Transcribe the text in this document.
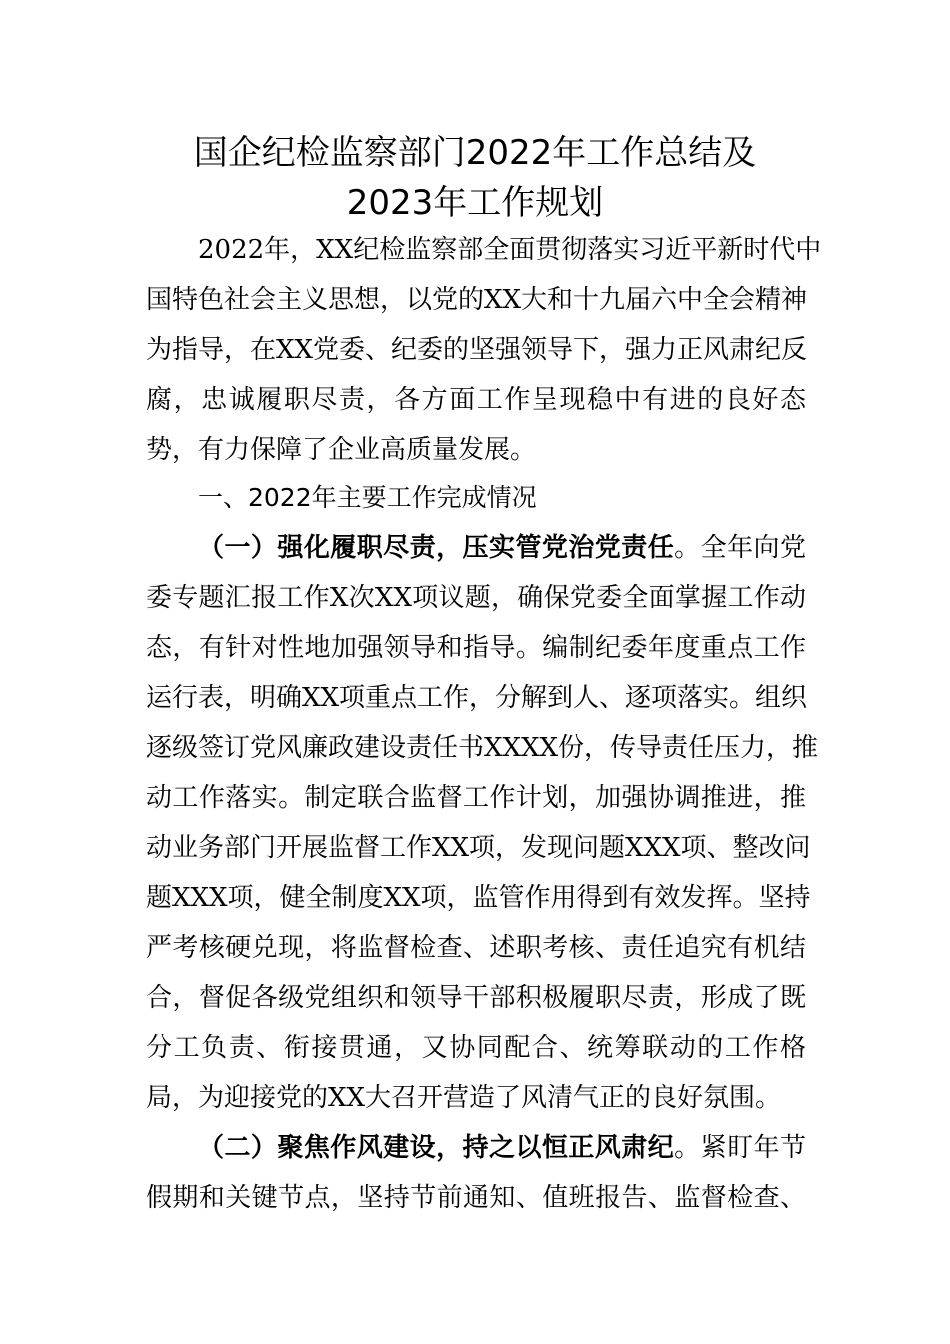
国企纪检监察部门2022年工作总结及
2023年工作规划
2022年，XX纪检监察部全面贯彻落实习近平新时代中
国特色社会主义思想，以党的XX大和十九届六中全会精神
为指导，在XX党委、纪委的坚强领导下，强力正风肃纪反
腐，忠诚履职尽责，各方面工作呈现稳中有进的良好态
势，有力保障了企业高质量发展。
一、2022年主要工作完成情况
（一）强化履职尽责，压实管党治党责任。全年向党
委专题汇报工作X次XX项议题，确保党委全面掌握工作动
态，有针对性地加强领导和指导。编制纪委年度重点工作
运行表，明确XX项重点工作，分解到人、逐项落实。组织
逐级签订党风廉政建设责任书XXXX份，传导责任压力，推
动工作落实。制定联合监督工作计划，加强协调推进，推
动业务部门开展监督工作XX项，发现问题XXX项、整改问
题XXX项，健全制度XX项，监管作用得到有效发挥。坚持
严考核硬兑现，将监督检查、述职考核、责任追究有机结
合，督促各级党组织和领导干部积极履职尽责，形成了既
分工负责、衔接贯通，又协同配合、统筹联动的工作格
局，为迎接党的XX大召开营造了风清气正的良好氛围。
（二）聚焦作风建设，持之以恒正风肃纪。紧盯年节
假期和关键节点，坚持节前通知、值班报告、监督检查、
